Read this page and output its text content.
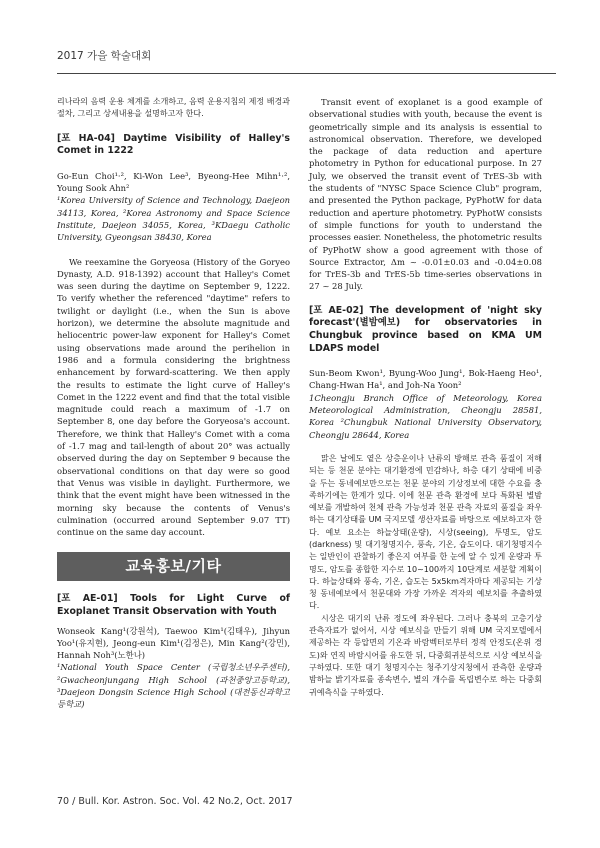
2017 가을 학술대회

리나라의 음력 운용 체계를 소개하고, 음력 운용지침의 제정 배경과 절차, 그리고 상세내용을 설명하고자 한다.

[포 HA-04] Daytime Visibility of Halley's Comet in 1222

Go-Eun Choi¹·², Ki-Won Lee³, Byeong-Hee Mihn¹·², Young Sook Ahn²

¹Korea University of Science and Technology, Daejeon 34113, Korea, ²Korea Astronomy and Space Science Institute, Daejeon 34055, Korea, ³KDaegu Catholic University, Gyeongsan 38430, Korea

We reexamine the Goryeosa (History of the Goryeo Dynasty, A.D. 918-1392) account that Halley's Comet was seen during the daytime on September 9, 1222. To verify whether the referenced "daytime" refers to twilight or daylight (i.e., when the Sun is above horizon), we determine the absolute magnitude and heliocentric power-law exponent for Halley's Comet using observations made around the perihelion in 1986 and a formula considering the brightness enhancement by forward-scattering. We then apply the results to estimate the light curve of Halley's Comet in the 1222 event and find that the total visible magnitude could reach a maximum of -1.7 on September 8, one day before the Goryeosa's account. Therefore, we think that Halley's Comet with a coma of -1.7 mag and tail-length of about 20° was actually observed during the day on September 9 because the observational conditions on that day were so good that Venus was visible in daylight. Furthermore, we think that the event might have been witnessed in the morning sky because the contents of Venus's culmination (occurred around September 9.07 TT) continue on the same day account.

교육홍보/기타

[포 AE-01] Tools for Light Curve of Exoplanet Transit Observation with Youth

Wonseok Kang¹(강원석), Taewoo Kim¹(김태우), Jihyun Yoo¹(유지현), Jeong-eun Kim¹(김정은), Min Kang²(강민), Hannah Noh³(노한나)

¹National Youth Space Center (국립청소년우주센터), ²Gwacheonjungang High School (과천중앙고등학교), ³Daejeon Dongsin Science High School (대전동신과학고등학교)

Transit event of exoplanet is a good example of observational studies with youth, because the event is geometrically simple and its analysis is essential to astronomical observation. Therefore, we developed the package of data reduction and aperture photometry in Python for educational purpose. In 27 July, we observed the transit event of TrES-3b with the students of "NYSC Space Science Club" program, and presented the Python package, PyPhotW for data reduction and aperture photometry. PyPhotW consists of simple functions for youth to understand the processes easier. Nonetheless, the photometric results of PyPhotW show a good agreement with those of Source Extractor, Δm ~ -0.01±0.03 and -0.04±0.08 for TrES-3b and TrES-5b time-series observations in 27 ~ 28 July.

[포 AE-02] The development of 'night sky forecast'(별밤예보) for observatories in Chungbuk province based on KMA UM LDAPS model

Sun-Beom Kwon¹, Byung-Woo Jung¹, Bok-Haeng Heo¹, Chang-Hwan Ha¹, and Joh-Na Yoon²

1Cheongju Branch Office of Meteorology, Korea Meteorological Administration, Cheongju 28581, Korea ²Chungbuk National University Observatory, Cheongju 28644, Korea

맑은 날에도 옅은 상층운이나 난류의 방해로 관측 품질이 저해되는 등 천문 분야는 대기환경에 민감하나, 하층 대기 상태에 비중을 두는 동네예보만으로는 천문 분야의 기상정보에 대한 수요를 충족하기에는 한계가 있다. 이에 천문 관측 환경에 보다 특화된 별밤예보를 개발하여 천체 관측 가능성과 천문 관측 자료의 품질을 좌우하는 대기상태를 UM 국지모델 생산자료를 바탕으로 예보하고자 한다. 예보 요소는 하늘상태(운량), 시상(seeing), 투명도, 암도(darkness) 및 대기청명지수, 풍속, 기온, 습도이다. 대기청명지수는 일반인이 관찰하기 좋은지 여부를 한 눈에 알 수 있게 운량과 투명도, 암도를 종합한 지수로 10~100까지 10단계로 세분할 계획이다. 하늘상태와 풍속, 기온, 습도는 5x5km격자마다 제공되는 기상청 동네예보에서 천문대와 가장 가까운 격자의 예보치를 추출하였다.

시상은 대기의 난류 정도에 좌우된다. 그러나 충북의 고층기상 관측자료가 없어서, 시상 예보식을 만들기 위해 UM 국지모델에서 제공하는 각 등압면의 기온과 바람벡터로부터 정적 안정도(온위 경도)와 연직 바람시어를 유도한 뒤, 다중회귀분석으로 시상 예보식을 구하였다. 또한 대기 청명지수는 청주기상지청에서 관측한 운량과 밤하늘 밝기자료를 종속변수, 별의 개수를 독립변수로 하는 다중회귀예측식을 구하였다.

70 / Bull. Kor. Astron. Soc. Vol. 42 No.2, Oct. 2017
